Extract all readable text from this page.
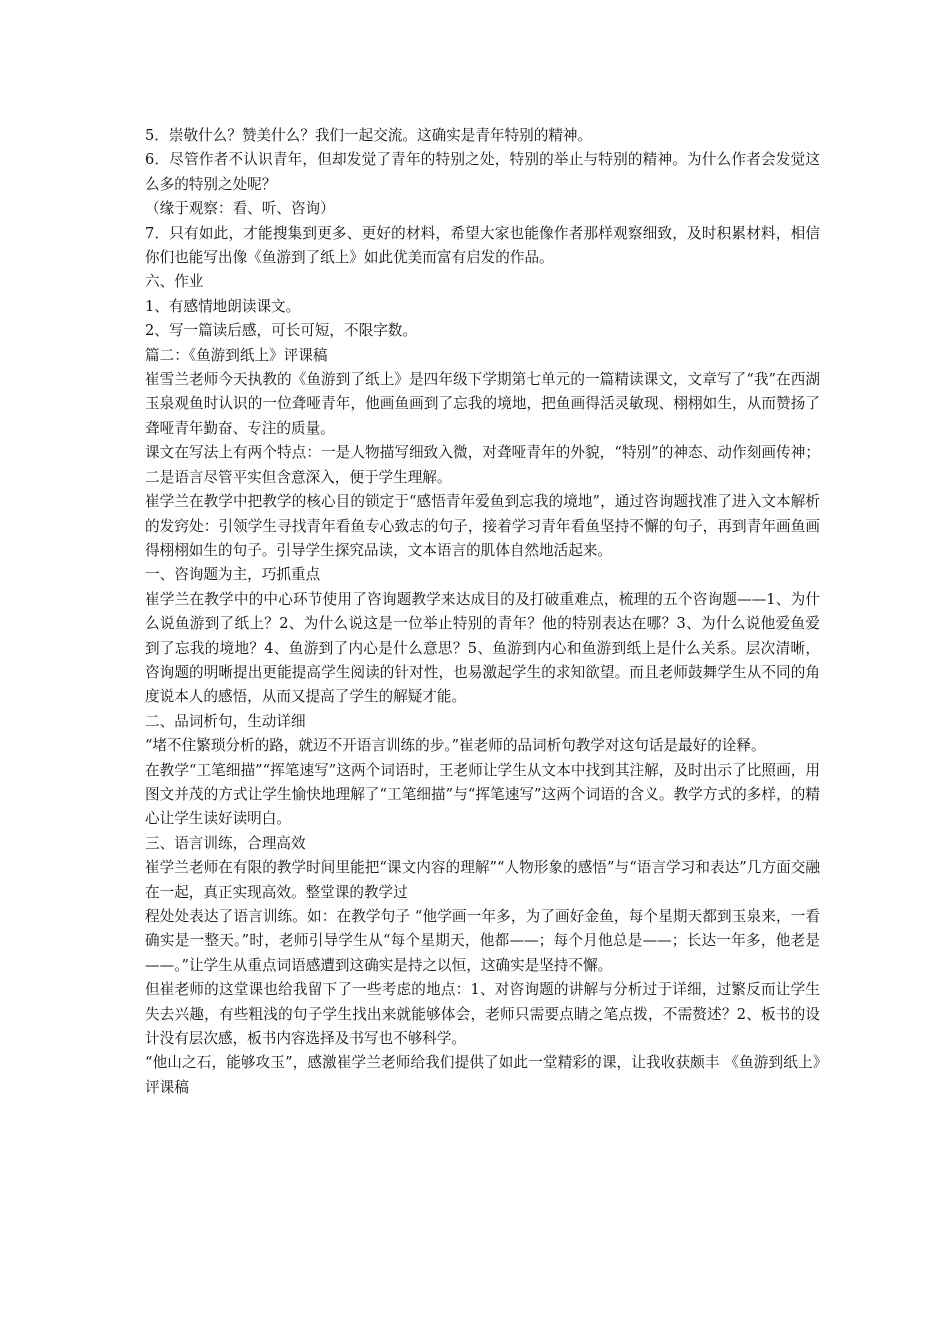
5．崇敬什么？赞美什么？我们一起交流。这确实是青年特别的精神。

6．尽管作者不认识青年，但却发觉了青年的特别之处，特别的举止与特别的精神。为什么作者会发觉这么多的特别之处呢？

（缘于观察：看、听、咨询）

7．只有如此，才能搜集到更多、更好的材料，希望大家也能像作者那样观察细致，及时积累材料，相信你们也能写出像《鱼游到了纸上》如此优美而富有启发的作品。

六、作业

1、有感情地朗读课文。

2、写一篇读后感，可长可短，不限字数。

篇二：《鱼游到纸上》评课稿

崔雪兰老师今天执教的《鱼游到了纸上》是四年级下学期第七单元的一篇精读课文，文章写了“我”在西湖玉泉观鱼时认识的一位聋哑青年，他画鱼画到了忘我的境地，把鱼画得活灵敏现、栩栩如生，从而赞扬了聋哑青年勤奋、专注的质量。

课文在写法上有两个特点：一是人物描写细致入微，对聋哑青年的外貌，“特别”的神态、动作刻画传神；二是语言尽管平实但含意深入，便于学生理解。

崔学兰在教学中把教学的核心目的锁定于“感悟青年爱鱼到忘我的境地”，通过咨询题找准了进入文本解析的发窍处：引领学生寻找青年看鱼专心致志的句子，接着学习青年看鱼坚持不懈的句子，再到青年画鱼画得栩栩如生的句子。引导学生探究品读，文本语言的肌体自然地活起来。

一、咨询题为主，巧抓重点

崔学兰在教学中的中心环节使用了咨询题教学来达成目的及打破重难点，梳理的五个咨询题——1、为什么说鱼游到了纸上？2、为什么说这是一位举止特别的青年？他的特别表达在哪？3、为什么说他爱鱼爱到了忘我的境地？4、鱼游到了内心是什么意思？5、鱼游到内心和鱼游到纸上是什么关系。层次清晰，咨询题的明晰提出更能提高学生阅读的针对性，也易激起学生的求知欲望。而且老师鼓舞学生从不同的角度说本人的感悟，从而又提高了学生的解疑才能。

二、品词析句，生动详细

“堵不住繁琐分析的路，就迈不开语言训练的步。”崔老师的品词析句教学对这句话是最好的诠释。

在教学“工笔细描”“挥笔速写”这两个词语时，王老师让学生从文本中找到其注解，及时出示了比照画，用图文并茂的方式让学生愉快地理解了“工笔细描”与“挥笔速写”这两个词语的含义。教学方式的多样，的精心让学生读好读明白。

三、语言训练，合理高效

崔学兰老师在有限的教学时间里能把“课文内容的理解”“人物形象的感悟”与“语言学习和表达”几方面交融在一起，真正实现高效。整堂课的教学过

程处处表达了语言训练。如：在教学句子 “他学画一年多，为了画好金鱼，每个星期天都到玉泉来，一看确实是一整天。”时，老师引导学生从“每个星期天，他都——；每个月他总是——；长达一年多，他老是——。”让学生从重点词语感遭到这确实是持之以恒，这确实是坚持不懈。

但崔老师的这堂课也给我留下了一些考虑的地点：1、对咨询题的讲解与分析过于详细，过繁反而让学生失去兴趣，有些粗浅的句子学生找出来就能够体会，老师只需要点睛之笔点拨，不需赘述？2、板书的设计没有层次感，板书内容选择及书写也不够科学。

“他山之石，能够攻玉”，感激崔学兰老师给我们提供了如此一堂精彩的课，让我收获颇丰 《鱼游到纸上》评课稿
